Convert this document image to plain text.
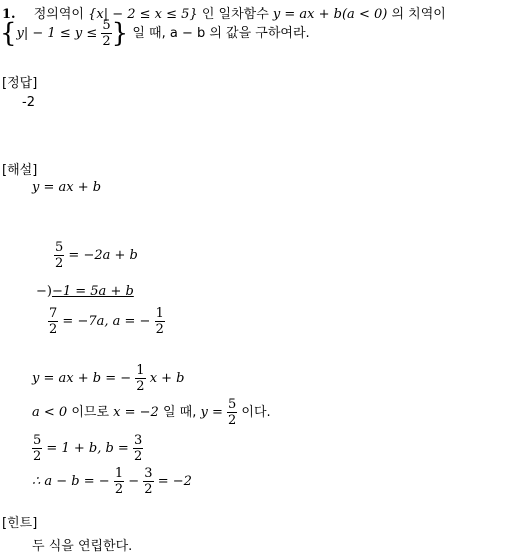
1. 정의역이 {x| − 2 ≤ x ≤ 5} 인 일차함수 y = ax + b(a < 0) 의 치역이
{$y| - 1 \le y \le \frac{5}{2}$ } 일 때, a − b 의 값을 구하여라.
[정답]
-2
[해설]
y = ax + b
$\frac{5}{2} = -2a + b$
−)−1 = 5a + b
$\frac{7}{2} = -7a$, a = − $\frac{1}{2}$
y = ax + b = − $\frac{1}{2}$ x + b
a < 0 이므로 x = −2 일 때, $y = \frac{5}{2}$ 이다.
$\frac{5}{2} = 1 + b$, $b = \frac{3}{2}$
∴ a − b = − $\frac{1}{2} - \frac{3}{2} = -2$
[힌트]
두 식을 연립한다.
